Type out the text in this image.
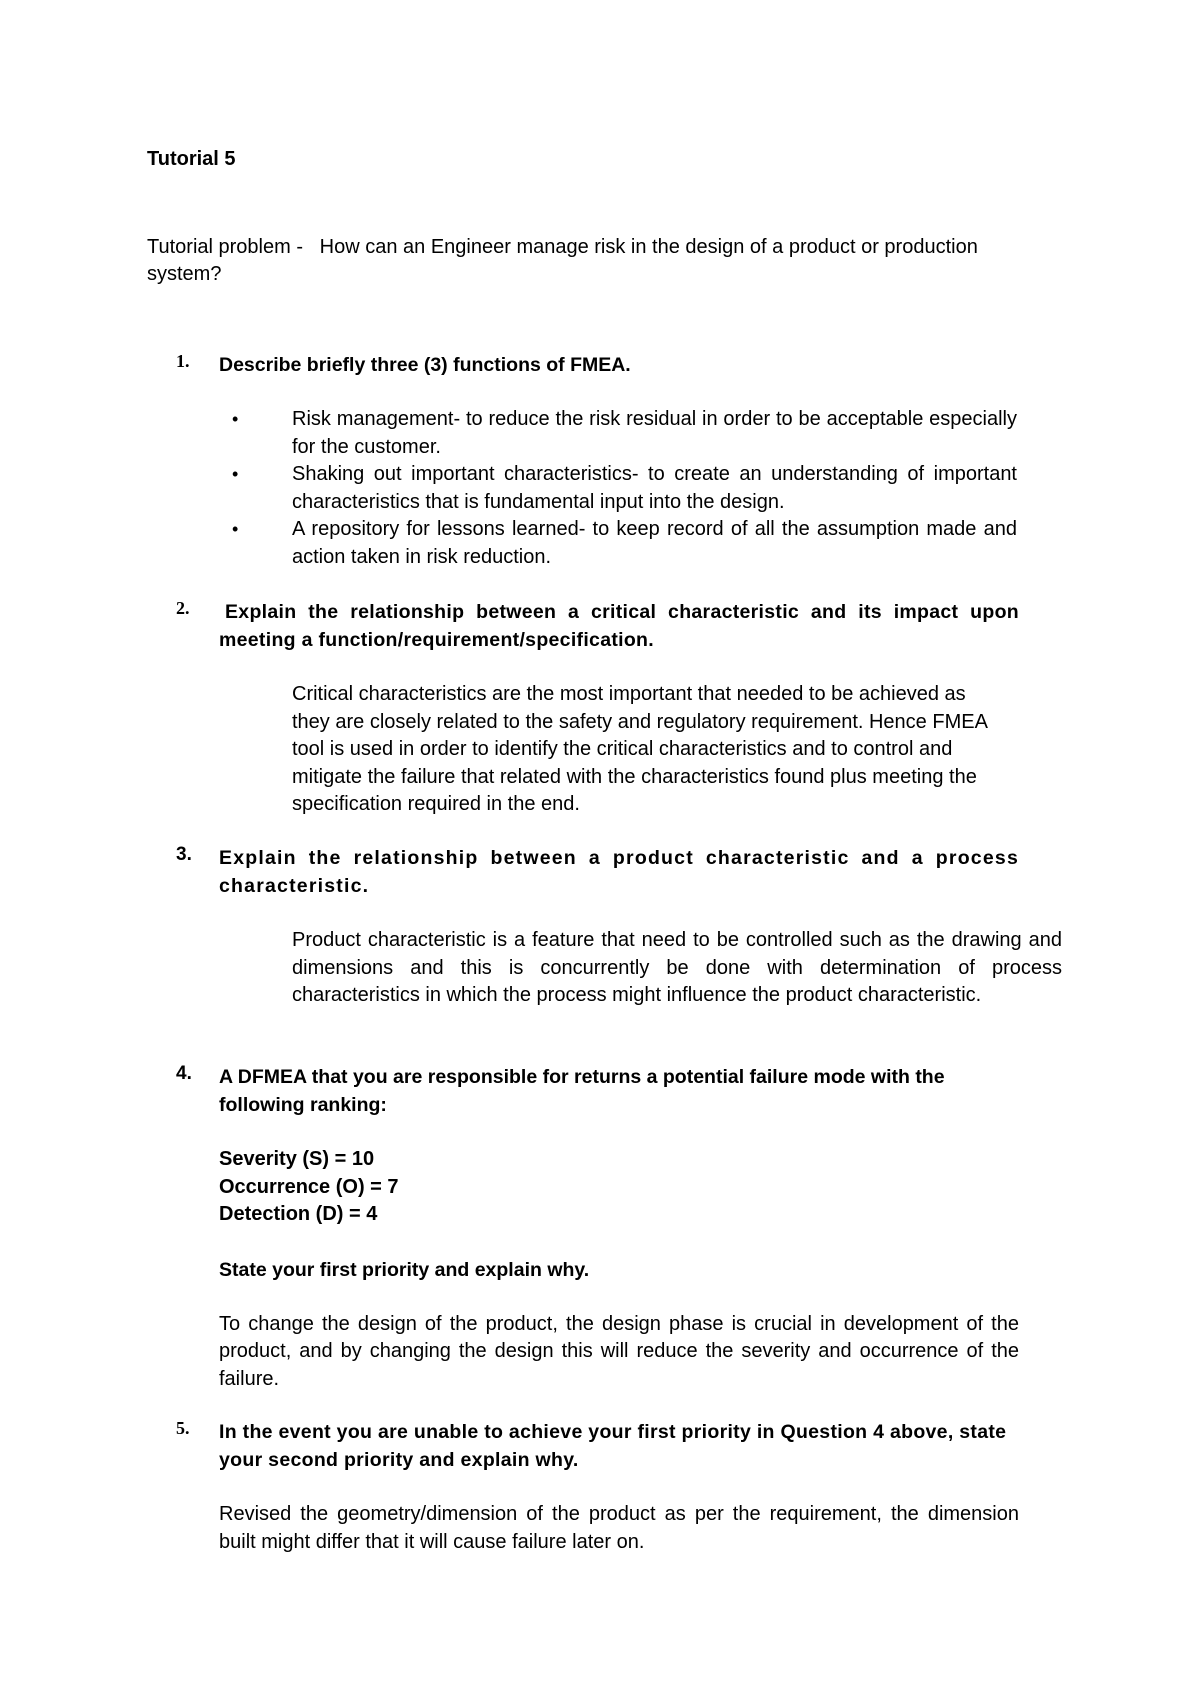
Tutorial 5
Tutorial problem - How can an Engineer manage risk in the design of a product or production system?
1. Describe briefly three (3) functions of FMEA.
•	Risk management- to reduce the risk residual in order to be acceptable especially for the customer.
•	Shaking out important characteristics- to create an understanding of important characteristics that is fundamental input into the design.
•	A repository for lessons learned- to keep record of all the assumption made and action taken in risk reduction.
2.	Explain the relationship between a critical characteristic and its impact upon meeting a function/requirement/specification.
Critical characteristics are the most important that needed to be achieved as they are closely related to the safety and regulatory requirement. Hence FMEA tool is used in order to identify the critical characteristics and to control and mitigate the failure that related with the characteristics found plus meeting the specification required in the end.
3. Explain the relationship between a product characteristic and a process characteristic.
Product characteristic is a feature that need to be controlled such as the drawing and dimensions and this is concurrently be done with determination of process characteristics in which the process might influence the product characteristic.
4. A DFMEA that you are responsible for returns a potential failure mode with the following ranking:
Severity (S) = 10
Occurrence (O) = 7
Detection (D) = 4
State your first priority and explain why.
To change the design of the product, the design phase is crucial in development of the product, and by changing the design this will reduce the severity and occurrence of the failure.
5. In the event you are unable to achieve your first priority in Question 4 above, state your second priority and explain why.
Revised the geometry/dimension of the product as per the requirement, the dimension built might differ that it will cause failure later on.
